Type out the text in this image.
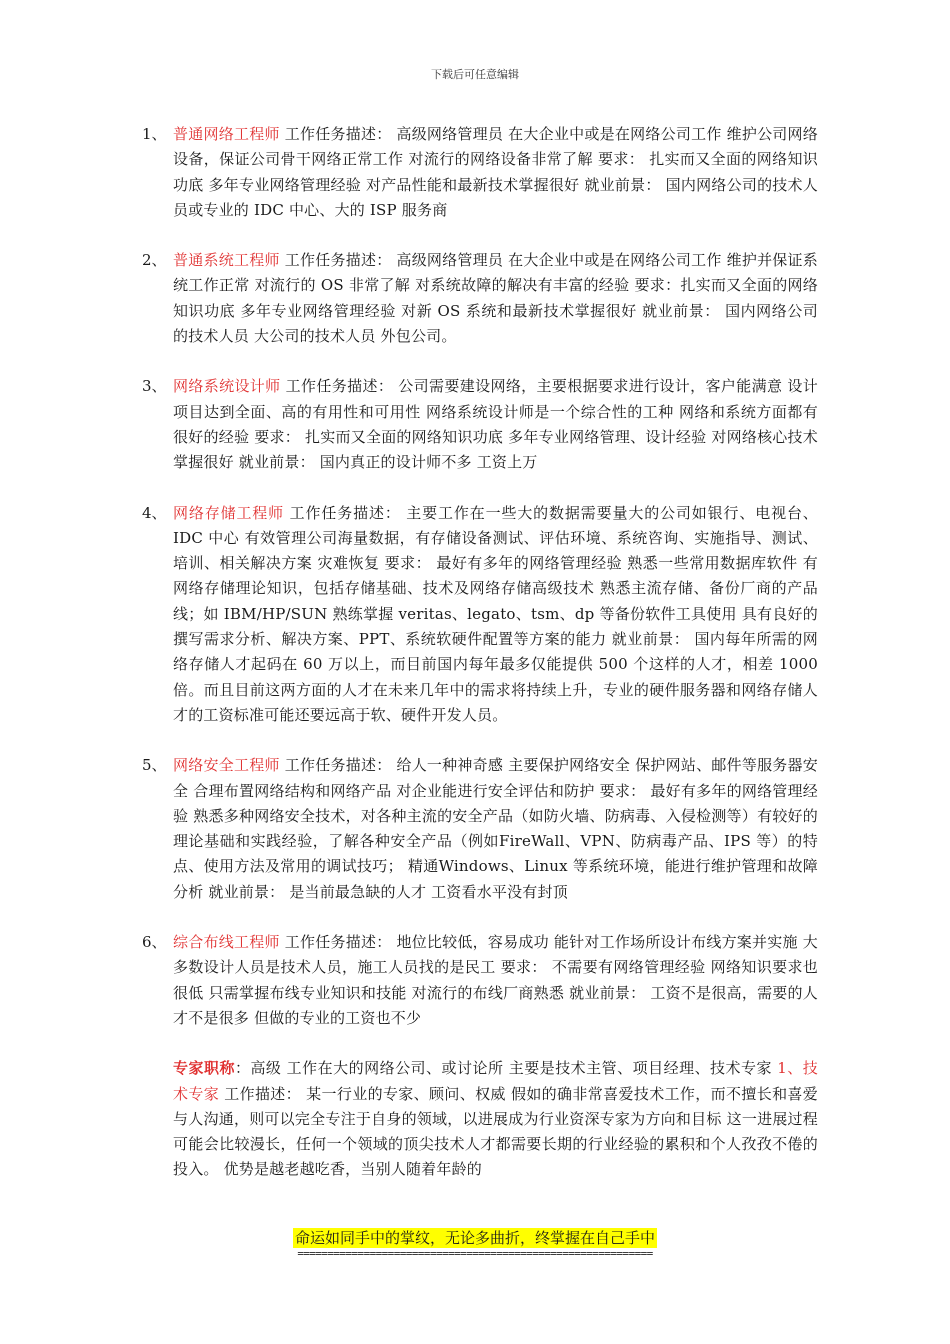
下载后可任意编辑
1、 普通网络工程师 工作任务描述： 高级网络管理员 在大企业中或是在网络公司工作 维护公司网络设备，保证公司骨干网络正常工作 对流行的网络设备非常了解 要求： 扎实而又全面的网络知识功底 多年专业网络管理经验 对产品性能和最新技术掌握很好 就业前景： 国内网络公司的技术人员或专业的 IDC 中心、大的 ISP 服务商
2、 普通系统工程师 工作任务描述： 高级网络管理员 在大企业中或是在网络公司工作 维护并保证系统工作正常 对流行的 OS 非常了解 对系统故障的解决有丰富的经验 要求：扎实而又全面的网络知识功底 多年专业网络管理经验 对新 OS 系统和最新技术掌握很好 就业前景： 国内网络公司的技术人员 大公司的技术人员 外包公司。
3、 网络系统设计师 工作任务描述： 公司需要建设网络，主要根据要求进行设计，客户能满意 设计项目达到全面、高的有用性和可用性 网络系统设计师是一个综合性的工种 网络和系统方面都有很好的经验 要求： 扎实而又全面的网络知识功底 多年专业网络管理、设计经验 对网络核心技术掌握很好 就业前景： 国内真正的设计师不多 工资上万
4、 网络存储工程师 工作任务描述： 主要工作在一些大的数据需要量大的公司如银行、电视台、IDC 中心 有效管理公司海量数据，有存储设备测试、评估环境、系统咨询、实施指导、测试、培训、相关解决方案 灾难恢复 要求： 最好有多年的网络管理经验 熟悉一些常用数据库软件 有网络存储理论知识，包括存储基础、技术及网络存储高级技术 熟悉主流存储、备份厂商的产品线；如 IBM/HP/SUN 熟练掌握 veritas、legato、tsm、dp 等备份软件工具使用 具有良好的撰写需求分析、解决方案、PPT、系统软硬件配置等方案的能力 就业前景： 国内每年所需的网络存储人才起码在 60 万以上，而目前国内每年最多仅能提供 500 个这样的人才，相差 1000 倍。而且目前这两方面的人才在未来几年中的需求将持续上升，专业的硬件服务器和网络存储人才的工资标准可能还要远高于软、硬件开发人员。
5、 网络安全工程师 工作任务描述： 给人一种神奇感 主要保护网络安全 保护网站、邮件等服务器安全 合理布置网络结构和网络产品 对企业能进行安全评估和防护 要求： 最好有多年的网络管理经验 熟悉多种网络安全技术，对各种主流的安全产品（如防火墙、防病毒、入侵检测等）有较好的理论基础和实践经验，了解各种安全产品（例如FireWall、VPN、防病毒产品、IPS 等）的特点、使用方法及常用的调试技巧； 精通Windows、Linux 等系统环境，能进行维护管理和故障分析 就业前景： 是当前最急缺的人才 工资看水平没有封顶
6、 综合布线工程师 工作任务描述： 地位比较低，容易成功 能针对工作场所设计布线方案并实施 大多数设计人员是技术人员，施工人员找的是民工 要求： 不需要有网络管理经验 网络知识要求也很低 只需掌握布线专业知识和技能 对流行的布线厂商熟悉 就业前景： 工资不是很高，需要的人才不是很多 但做的专业的工资也不少
专家职称：高级 工作在大的网络公司、或讨论所 主要是技术主管、项目经理、技术专家 1、技术专家 工作描述： 某一行业的专家、顾问、权威 假如的确非常喜爱技术工作，而不擅长和喜爱与人沟通，则可以完全专注于自身的领域，以进展成为行业资深专家为方向和目标 这一进展过程可能会比较漫长，任何一个领域的顶尖技术人才都需要长期的行业经验的累积和个人孜孜不倦的投入。 优势是越老越吃香，当别人随着年龄的
命运如同手中的掌纹，无论多曲折，终掌握在自己手中
===========================================================
